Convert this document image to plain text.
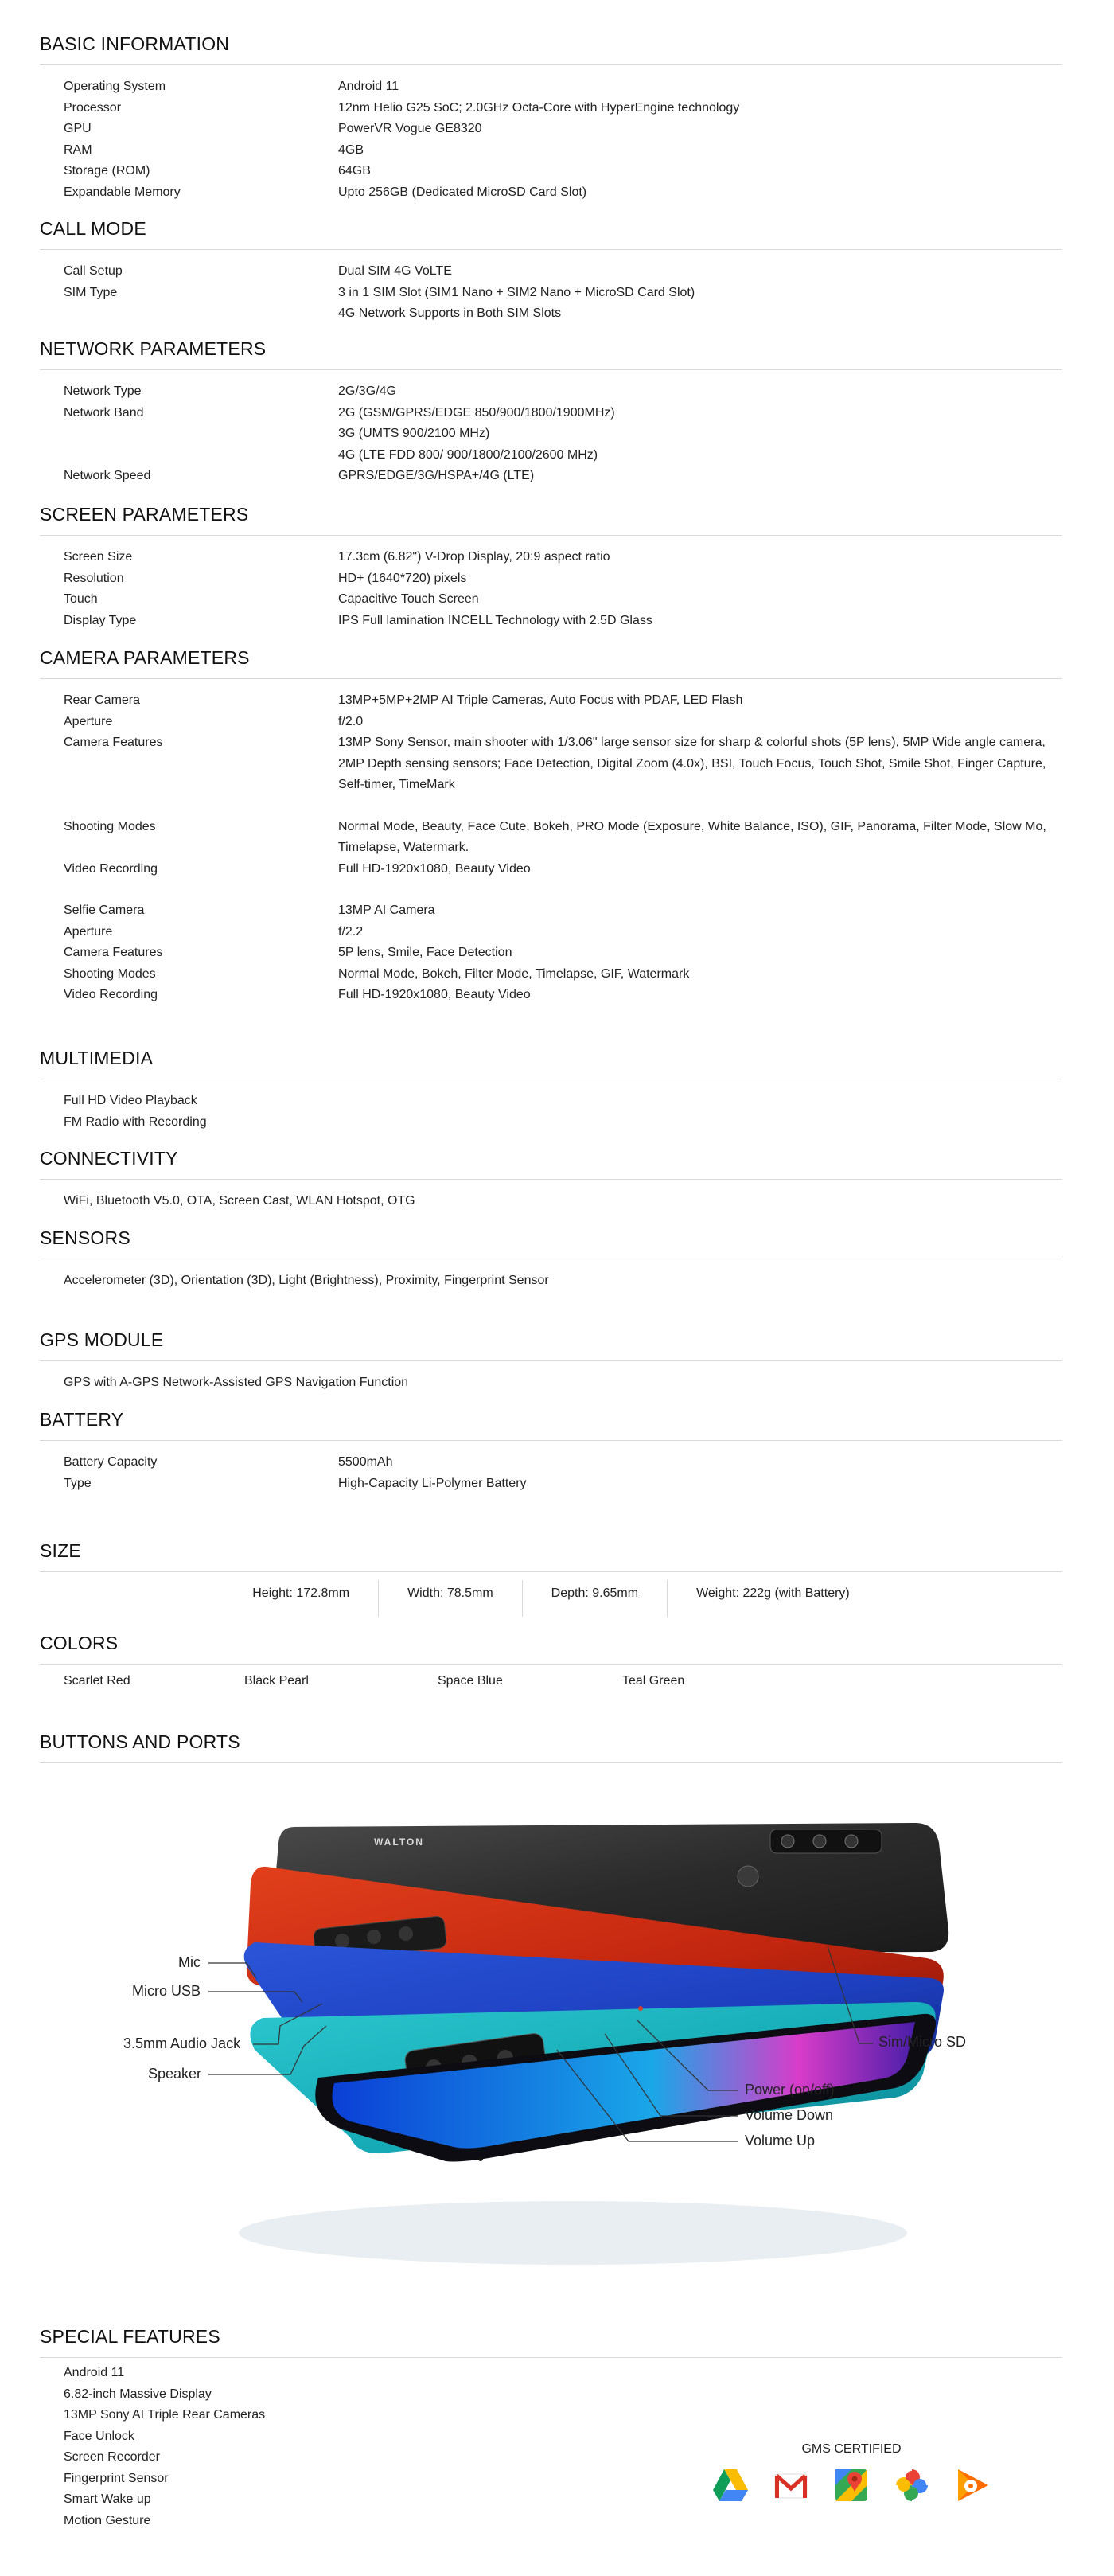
BASIC INFORMATION
Operating System	Android 11
Processor	12nm Helio G25 SoC; 2.0GHz Octa-Core with HyperEngine technology
GPU	PowerVR Vogue GE8320
RAM	4GB
Storage (ROM)	64GB
Expandable Memory	Upto 256GB (Dedicated MicroSD Card Slot)
CALL MODE
Call Setup	Dual SIM 4G VoLTE
SIM Type	3 in 1 SIM Slot (SIM1 Nano + SIM2 Nano + MicroSD Card Slot)
4G Network Supports in Both SIM Slots
NETWORK PARAMETERS
Network Type	2G/3G/4G
Network Band	2G (GSM/GPRS/EDGE 850/900/1800/1900MHz)
3G (UMTS 900/2100 MHz)
4G (LTE FDD 800/ 900/1800/2100/2600 MHz)
Network Speed	GPRS/EDGE/3G/HSPA+/4G (LTE)
SCREEN PARAMETERS
Screen Size	17.3cm (6.82") V-Drop Display, 20:9 aspect ratio
Resolution	HD+ (1640*720) pixels
Touch	Capacitive Touch Screen
Display Type	IPS Full lamination INCELL Technology with 2.5D Glass
CAMERA PARAMETERS
Rear Camera	13MP+5MP+2MP AI Triple Cameras, Auto Focus with PDAF, LED Flash
Aperture	f/2.0
Camera Features	13MP Sony Sensor, main shooter with 1/3.06" large sensor size for sharp & colorful shots (5P lens), 5MP Wide angle camera, 2MP Depth sensing sensors; Face Detection, Digital Zoom (4.0x), BSI, Touch Focus, Touch Shot, Smile Shot, Finger Capture, Self-timer, TimeMark
Shooting Modes	Normal Mode, Beauty, Face Cute, Bokeh, PRO Mode (Exposure, White Balance, ISO), GIF, Panorama, Filter Mode, Slow Mo, Timelapse, Watermark.
Video Recording	Full HD-1920x1080, Beauty Video
Selfie Camera	13MP AI Camera
Aperture	f/2.2
Camera Features	5P lens, Smile, Face Detection
Shooting Modes	Normal Mode, Bokeh, Filter Mode, Timelapse, GIF, Watermark
Video Recording	Full HD-1920x1080, Beauty Video
MULTIMEDIA
Full HD Video Playback
FM Radio with Recording
CONNECTIVITY
WiFi, Bluetooth V5.0, OTA, Screen Cast, WLAN Hotspot, OTG
SENSORS
Accelerometer (3D), Orientation (3D), Light (Brightness), Proximity, Fingerprint Sensor
GPS MODULE
GPS with A-GPS Network-Assisted GPS Navigation Function
BATTERY
Battery Capacity	5500mAh
Type	High-Capacity Li-Polymer Battery
SIZE
Height: 172.8mm	Width: 78.5mm	Depth: 9.65mm	Weight: 222g (with Battery)
COLORS
Scarlet Red	Black Pearl	Space Blue	Teal Green
BUTTONS AND PORTS
WALTON
Mic
Micro USB
3.5mm Audio Jack
Speaker
Sim/Micro SD
Power (on/off)
Volume Down
Volume Up
SPECIAL FEATURES
Android 11
6.82-inch Massive Display
13MP Sony AI Triple Rear Cameras
Face Unlock
Screen Recorder
Fingerprint Sensor
Smart Wake up
Motion Gesture
GMS CERTIFIED
